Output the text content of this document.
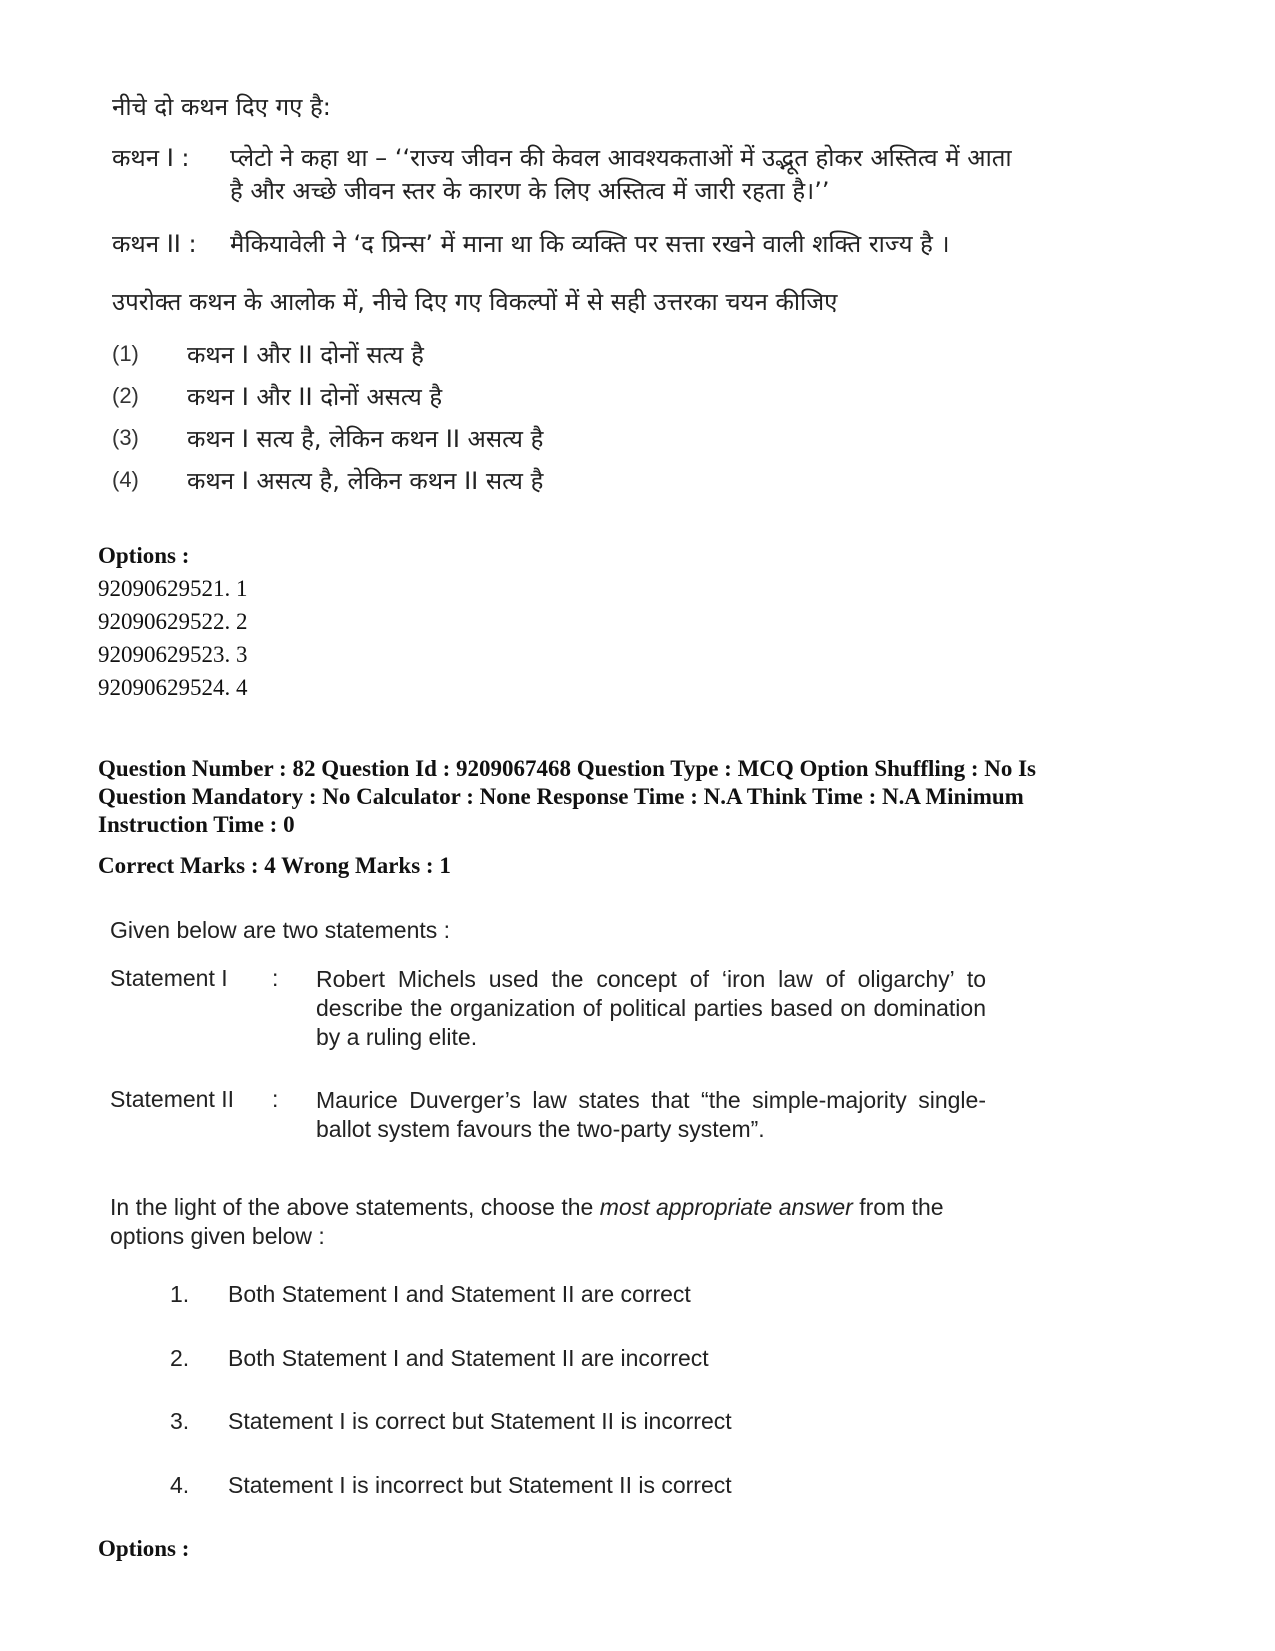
नीचे दो कथन दिए गए है:
कथन I :	प्लेटो ने कहा था – ‘‘राज्य जीवन की केवल आवश्यकताओं में उद्भूत होकर अस्तित्व में आता
है और अच्छे जीवन स्तर के कारण के लिए अस्तित्व में जारी रहता है।’’
कथन II :	मैकियावेली ने ‘द प्रिन्स’ में माना था कि व्यक्ति पर सत्ता रखने वाली शक्ति राज्य है ।
उपरोक्त कथन के आलोक में, नीचे दिए गए विकल्पों में से सही उत्तरका चयन कीजिए
(1) कथन I और II दोनों सत्य है
(2) कथन I और II दोनों असत्य है
(3) कथन I सत्य है, लेकिन कथन II असत्य है
(4) कथन I असत्य है, लेकिन कथन II सत्य है
Options :
92090629521. 1
92090629522. 2
92090629523. 3
92090629524. 4
Question Number : 82 Question Id : 9209067468 Question Type : MCQ Option Shuffling : No Is
Question Mandatory : No Calculator : None Response Time : N.A Think Time : N.A Minimum
Instruction Time : 0
Correct Marks : 4 Wrong Marks : 1
Given below are two statements :
Statement I : Robert Michels used the concept of ‘iron law of oligarchy’ to describe the organization of political parties based on domination by a ruling elite.
Statement II : Maurice Duverger’s law states that “the simple-majority single-ballot system favours the two-party system”.
In the light of the above statements, choose the most appropriate answer from the options given below :
1. Both Statement I and Statement II are correct
2. Both Statement I and Statement II are incorrect
3. Statement I is correct but Statement II is incorrect
4. Statement I is incorrect but Statement II is correct
Options :
